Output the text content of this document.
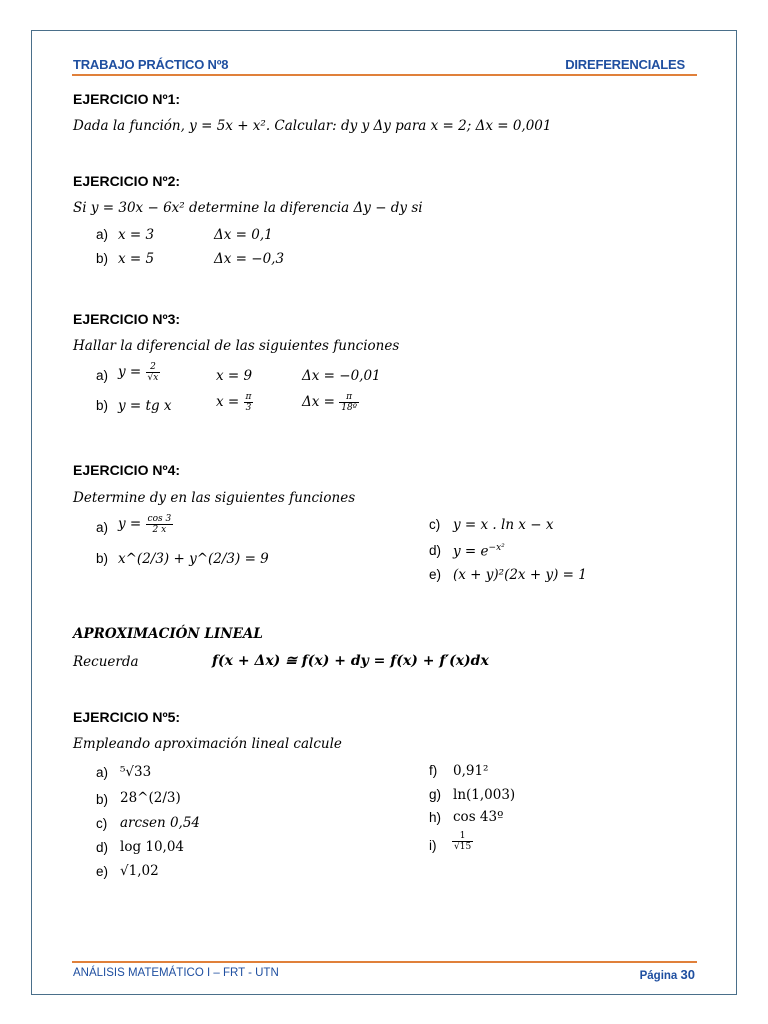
TRABAJO PRÁCTICO Nº8	DIREFERENCIALES
EJERCICIO Nº1:
Dada la función, y = 5x + x². Calcular: dy y Δy para x = 2; Δx = 0,001
EJERCICIO Nº2:
Si y = 30x − 6x² determine la diferencia Δy − dy si
a) x = 3	Δx = 0,1
b) x = 5	Δx = −0,3
EJERCICIO Nº3:
Hallar la diferencial de las siguientes funciones
a) $y = \frac{2}{√x}$	x = 9	Δx = −0,01
b) y = tg x	$x = \frac{\pi}{3}$	$\Delta x = \frac{\pi}{\text{18º}}$
EJERCICIO Nº4:
Determine dy en las siguientes funciones
a) $y = \frac{\cos 3}{2 x}$
b) x^(2/3) + y^(2/3) = 9
c) y = x . ln x − x
d) $y = e^{-x^2}$
e) (x + y)²(2x + y) = 1
APROXIMACIÓN LINEAL
Recuerda	f(x + Δx) ≅ f(x) + dy = f(x) + f′(x)dx
EJERCICIO Nº5:
Empleando aproximación lineal calcule
a) ⁵√33
b) 28^(2/3)
c) arcsen 0,54
d) log 10,04
e) √1,02
f) 0,91²
g) ln(1,003)
h) cos 43º
$i) \frac{1}{√15}$
ANÁLISIS MATEMÁTICO I – FRT - UTN	Página 30
